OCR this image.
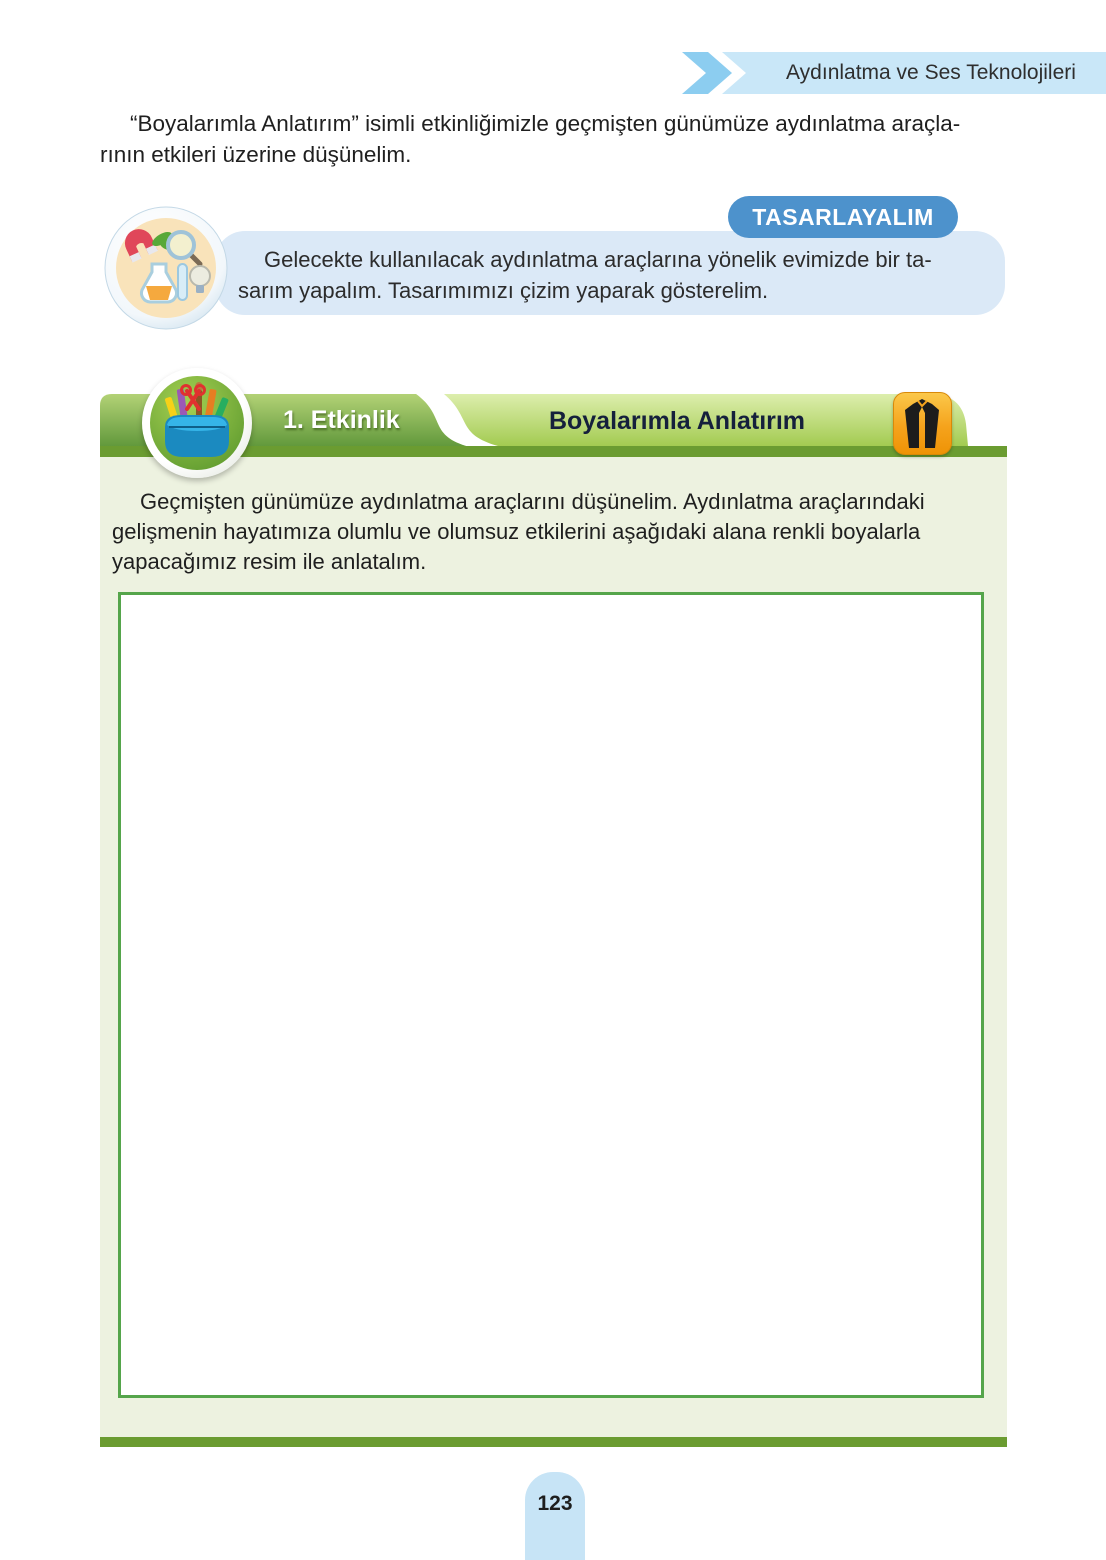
Aydınlatma ve Ses Teknolojileri
“Boyalarımla Anlatırım” isimli etkinliğimizle geçmişten günümüze aydınlatma araçla-
rının etkileri üzerine düşünelim.
TASARLAYALIM
Gelecekte kullanılacak aydınlatma araçlarına yönelik evimizde bir ta-
sarım yapalım. Tasarımımızı çizim yaparak gösterelim.
1. Etkinlik	Boyalarımla Anlatırım
Geçmişten günümüze aydınlatma araçlarını düşünelim. Aydınlatma araçlarındaki
gelişmenin hayatımıza olumlu ve olumsuz etkilerini aşağıdaki alana renkli boyalarla
yapacağımız resim ile anlatalım.
123
